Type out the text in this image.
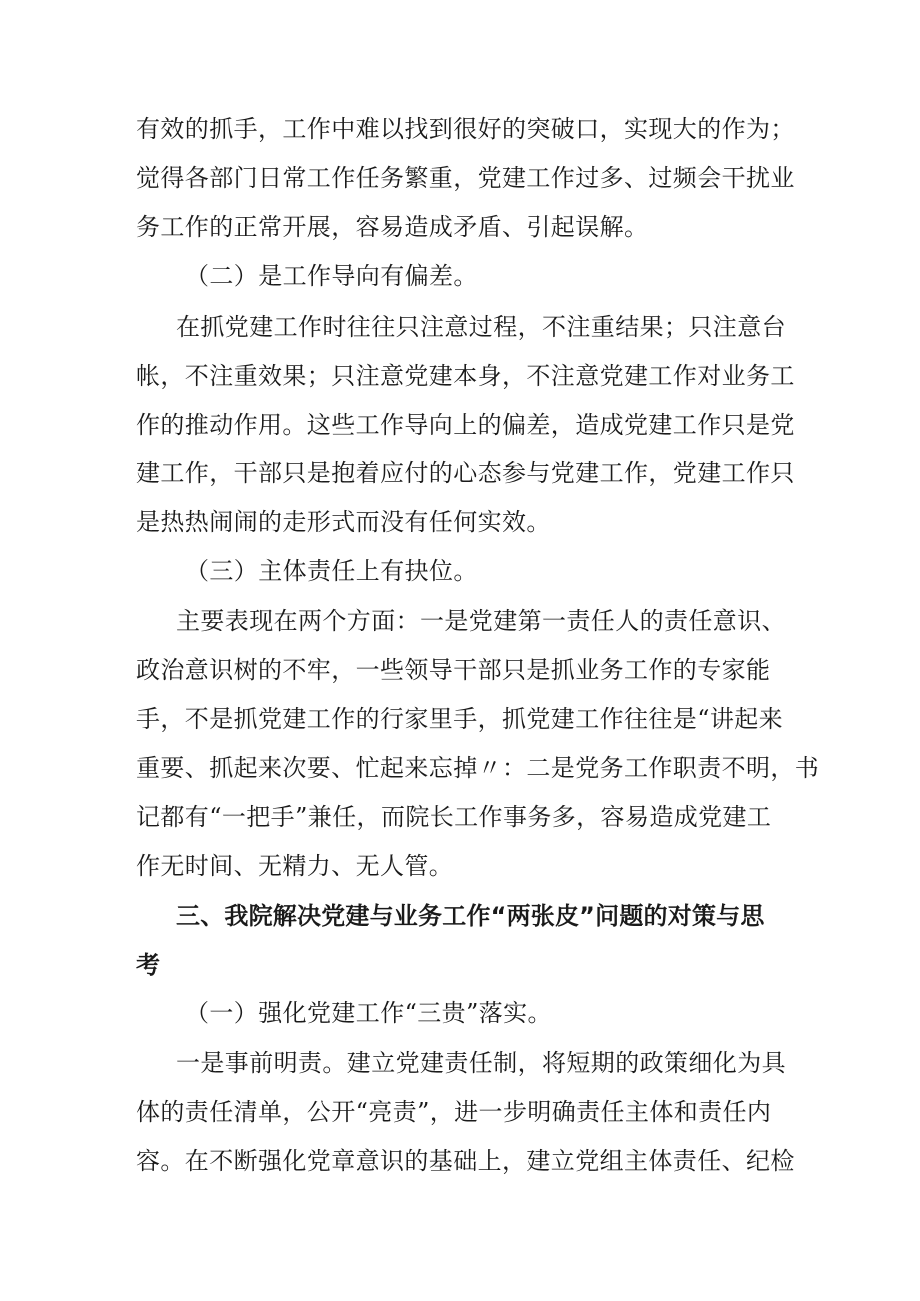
有效的抓手，工作中难以找到很好的突破口，实现大的作为；
觉得各部门日常工作任务繁重，党建工作过多、过频会干扰业
务工作的正常开展，容易造成矛盾、引起误解。
（二）是工作导向有偏差。
在抓党建工作时往往只注意过程，不注重结果；只注意台
帐，不注重效果；只注意党建本身，不注意党建工作对业务工
作的推动作用。这些工作导向上的偏差，造成党建工作只是党
建工作，干部只是抱着应付的心态参与党建工作，党建工作只
是热热闹闹的走形式而没有任何实效。
（三）主体责任上有抉位。
主要表现在两个方面：一是党建第一责任人的责任意识、
政治意识树的不牢，一些领导干部只是抓业务工作的专家能
手，不是抓党建工作的行家里手，抓党建工作往往是“讲起来
重要、抓起来次要、忙起来忘掉〃：二是党务工作职责不明，书
记都有“一把手”兼任，而院长工作事务多，容易造成党建工
作无时间、无精力、无人管。
三、我院解决党建与业务工作“两张皮”问题的对策与思
考
（一）强化党建工作“三贵”落实。
一是事前明责。建立党建责任制，将短期的政策细化为具
体的责任清单，公开“亮责”，进一步明确责任主体和责任内
容。在不断强化党章意识的基础上，建立党组主体责任、纪检
